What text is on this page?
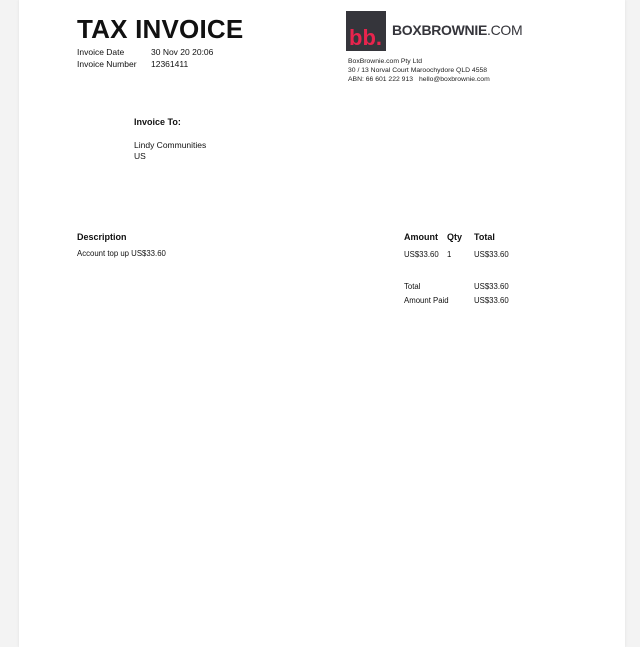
TAX INVOICE
Invoice Date	30 Nov 20 20:06
Invoice Number 12361411
bb. BOXBROWNIE.COM
BoxBrownie.com Pty Ltd
30 / 13 Norval Court Maroochydore QLD 4558
ABN: 66 601 222 913 hello@boxbrownie.com
Invoice To:
Lindy Communities
US
Description	Amount Qty Total
Account top up US$33.60	US$33.60 1	US$33.60
Total	US$33.60
Amount Paid	US$33.60
